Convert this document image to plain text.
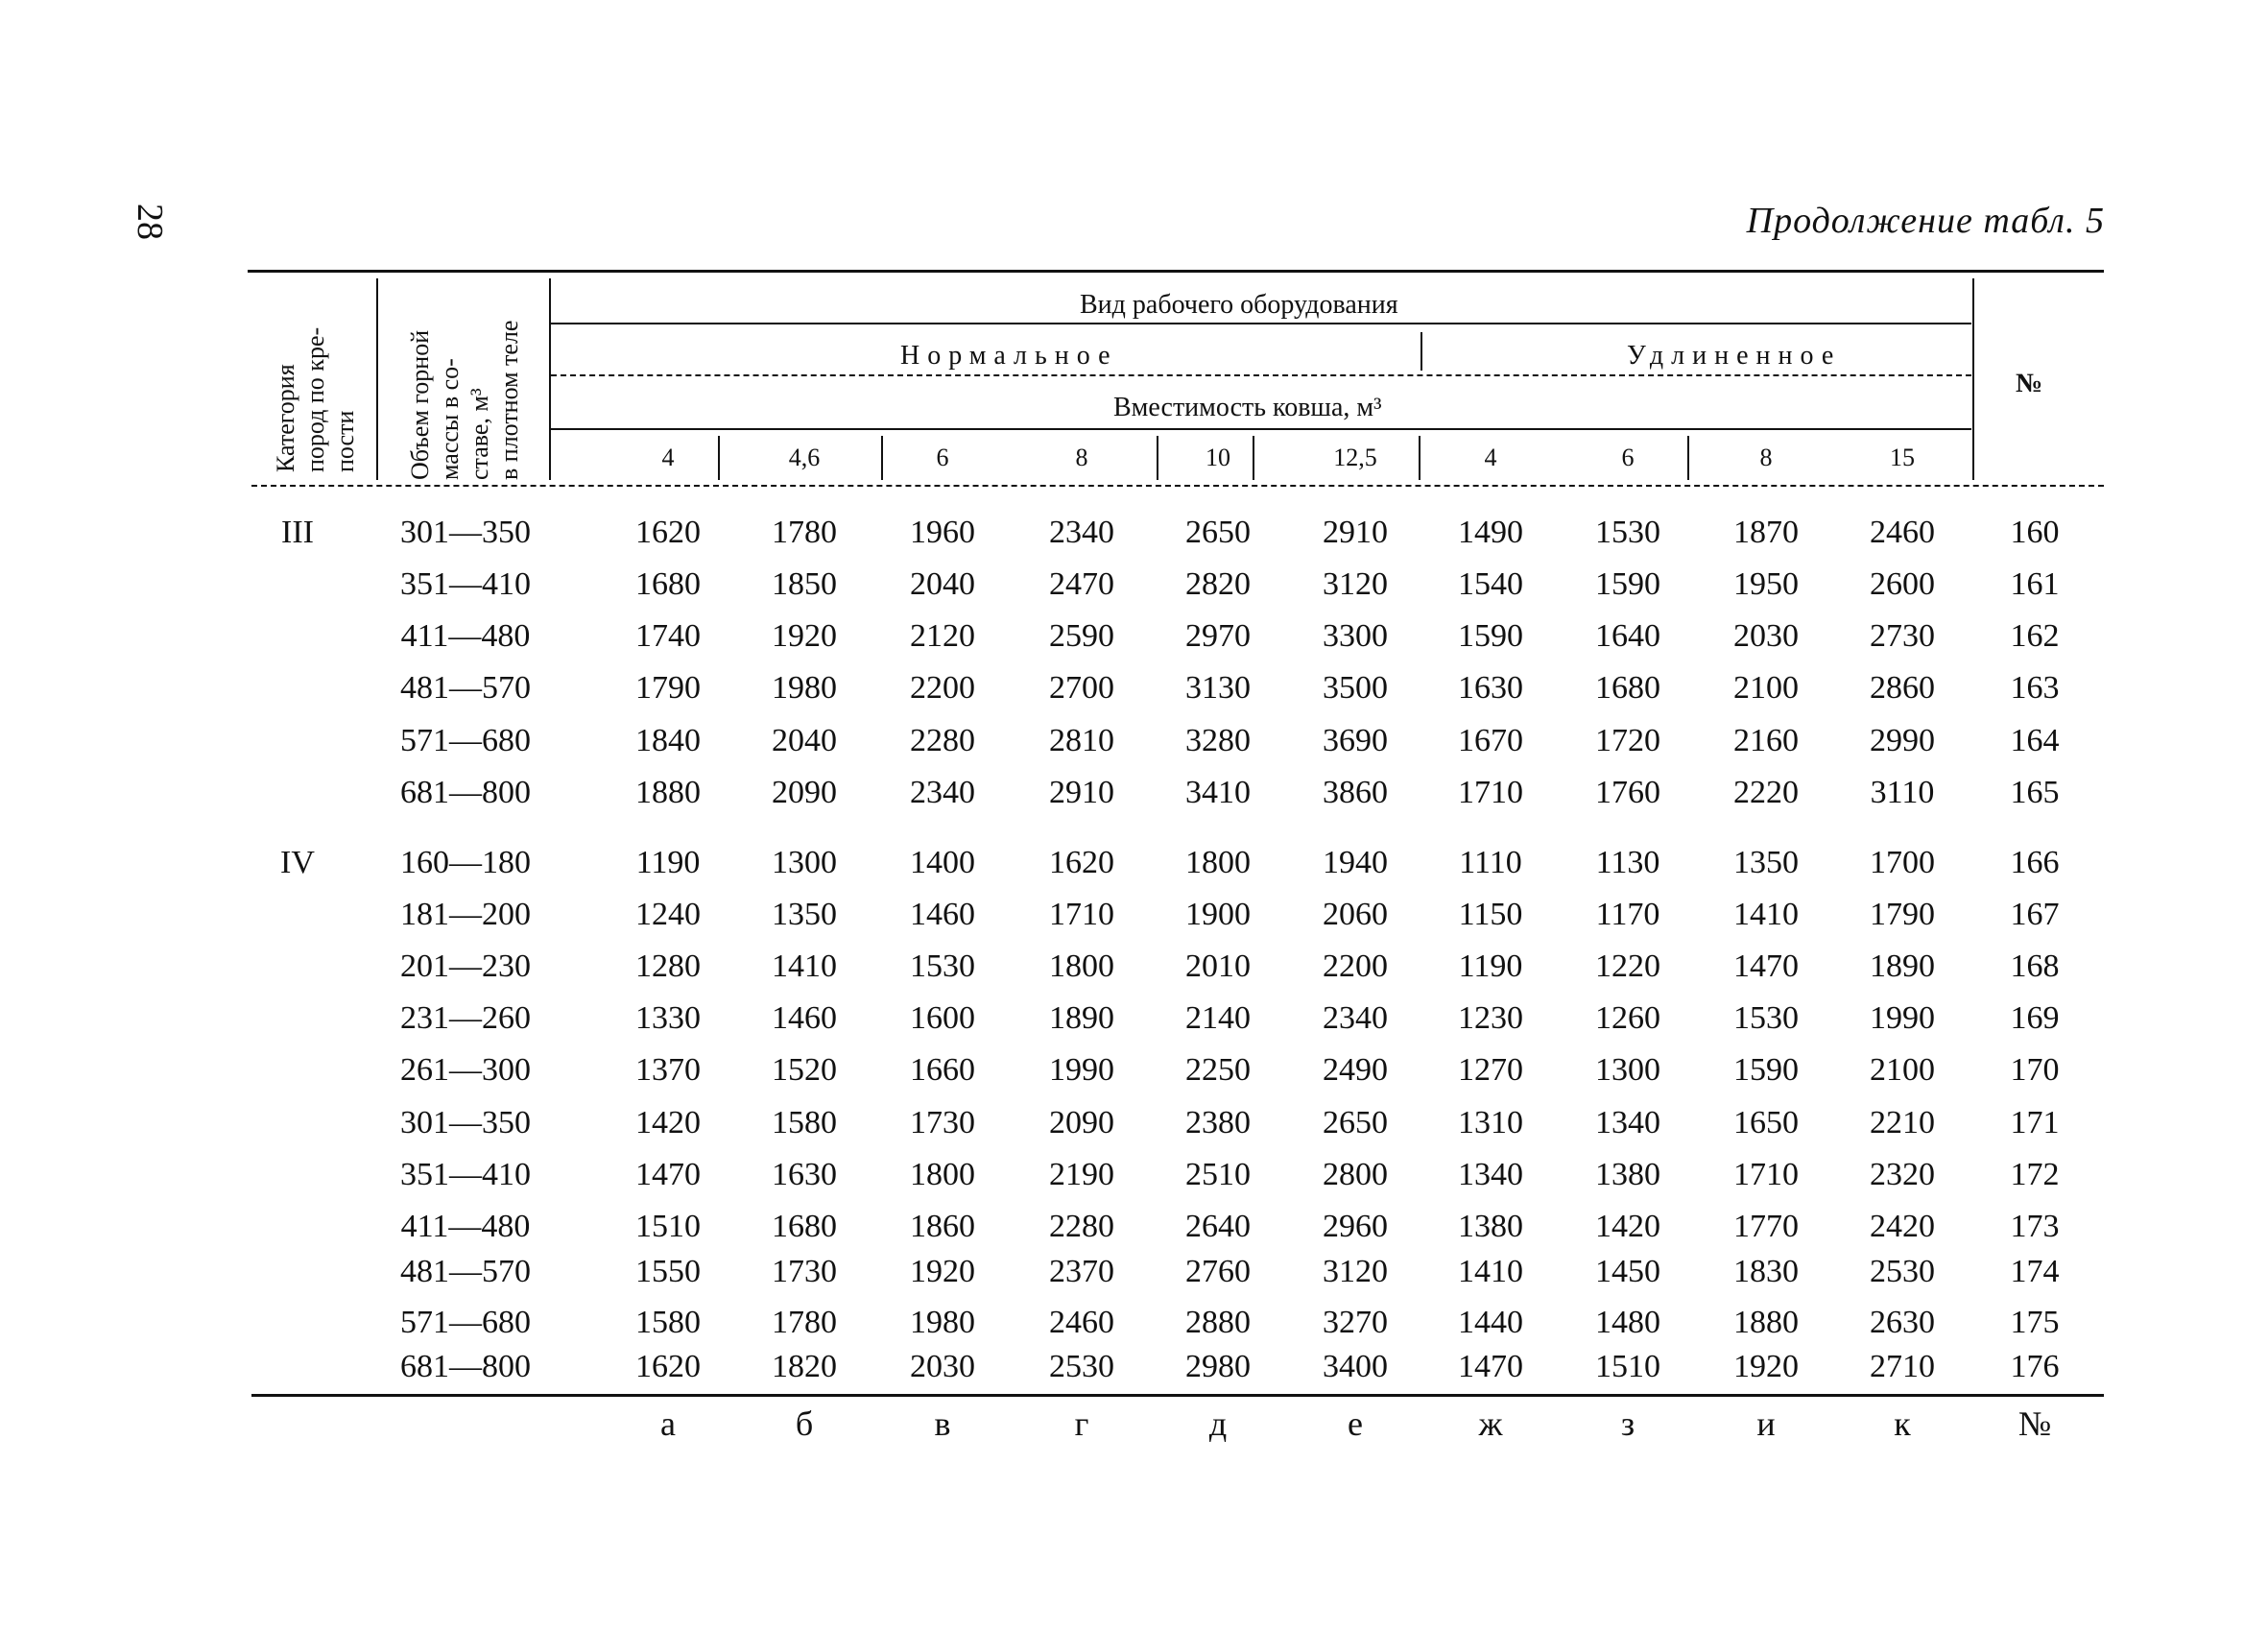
28	Продолжение табл. 5
Категория пород по кре- пости Объем горной массы в со- ставе, м³ в плотном теле
Вид рабочего оборудования
Нормальное	Удлиненное
Вместимость ковша, м³
№
4	4,6	6	8	10	12,5	4	6	8	15
III	301—350	1620	1780	1960	2340	2650	2910	1490	1530	1870	2460	160
351—410	1680	1850	2040	2470	2820	3120	1540	1590	1950	2600	161
411—480	1740	1920	2120	2590	2970	3300	1590	1640	2030	2730	162
481—570	1790	1980	2200	2700	3130	3500	1630	1680	2100	2860	163
571—680	1840	2040	2280	2810	3280	3690	1670	1720	2160	2990	164
681—800	1880	2090	2340	2910	3410	3860	1710	1760	2220	3110	165
IV	160—180	1190	1300	1400	1620	1800	1940	1110	1130	1350	1700	166
181—200	1240	1350	1460	1710	1900	2060	1150	1170	1410	1790	167
201—230	1280	1410	1530	1800	2010	2200	1190	1220	1470	1890	168
231—260	1330	1460	1600	1890	2140	2340	1230	1260	1530	1990	169
261—300	1370	1520	1660	1990	2250	2490	1270	1300	1590	2100	170
301—350	1420	1580	1730	2090	2380	2650	1310	1340	1650	2210	171
351—410	1470	1630	1800	2190	2510	2800	1340	1380	1710	2320	172
411—480	1510	1680	1860	2280	2640	2960	1380	1420	1770	2420	173
481—570	1550	1730	1920	2370	2760	3120	1410	1450	1830	2530	174
571—680	1580	1780	1980	2460	2880	3270	1440	1480	1880	2630	175
681—800	1620	1820	2030	2530	2980	3400	1470	1510	1920	2710	176
а	б	в	г	д	е	ж	з	и	к	№
